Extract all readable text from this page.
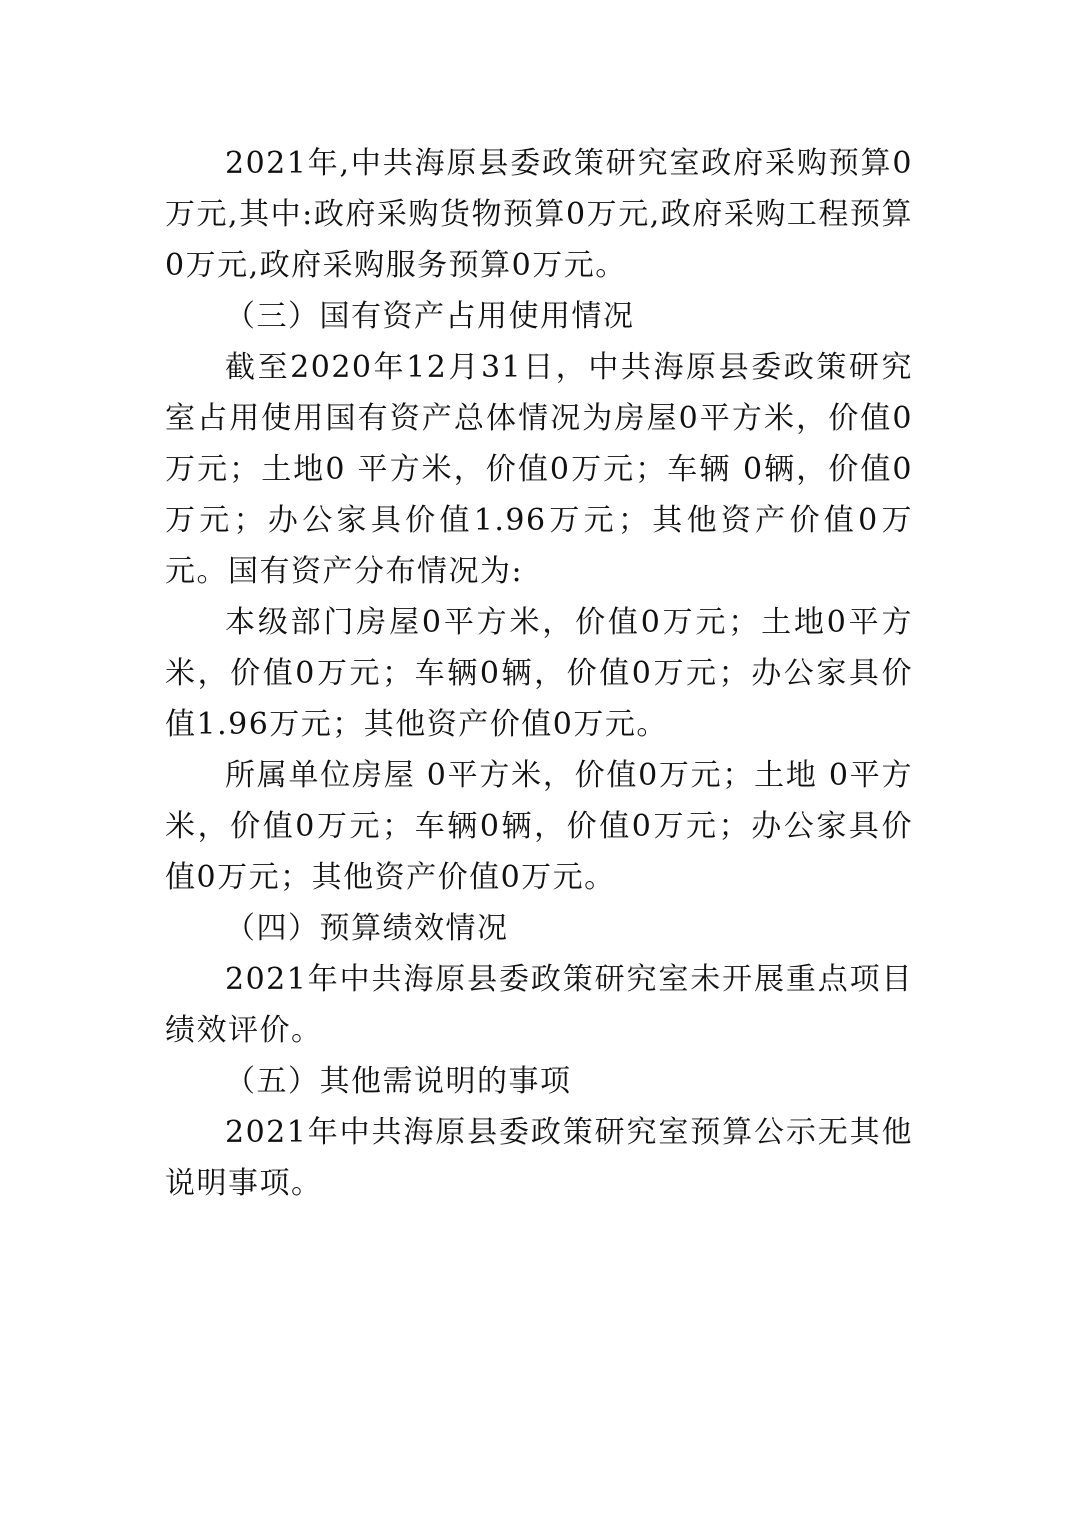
2021年,中共海原县委政策研究室政府采购预算0万元,其中:政府采购货物预算0万元,政府采购工程预算 0万元,政府采购服务预算0万元。

（三）国有资产占用使用情况

截至2020年12月31日，中共海原县委政策研究室占用使用国有资产总体情况为房屋0平方米，价值0万元；土地0 平方米，价值0万元；车辆 0辆，价值0万元；办公家具价值1.96万元；其他资产价值0万元。国有资产分布情况为:

本级部门房屋0平方米，价值0万元；土地0平方米，价值0万元；车辆0辆，价值0万元；办公家具价值1.96万元；其他资产价值0万元。

所属单位房屋 0平方米，价值0万元；土地 0平方米，价值0万元；车辆0辆，价值0万元；办公家具价值0万元；其他资产价值0万元。

（四）预算绩效情况

2021年中共海原县委政策研究室未开展重点项目绩效评价。

（五）其他需说明的事项

2021年中共海原县委政策研究室预算公示无其他说明事项。
